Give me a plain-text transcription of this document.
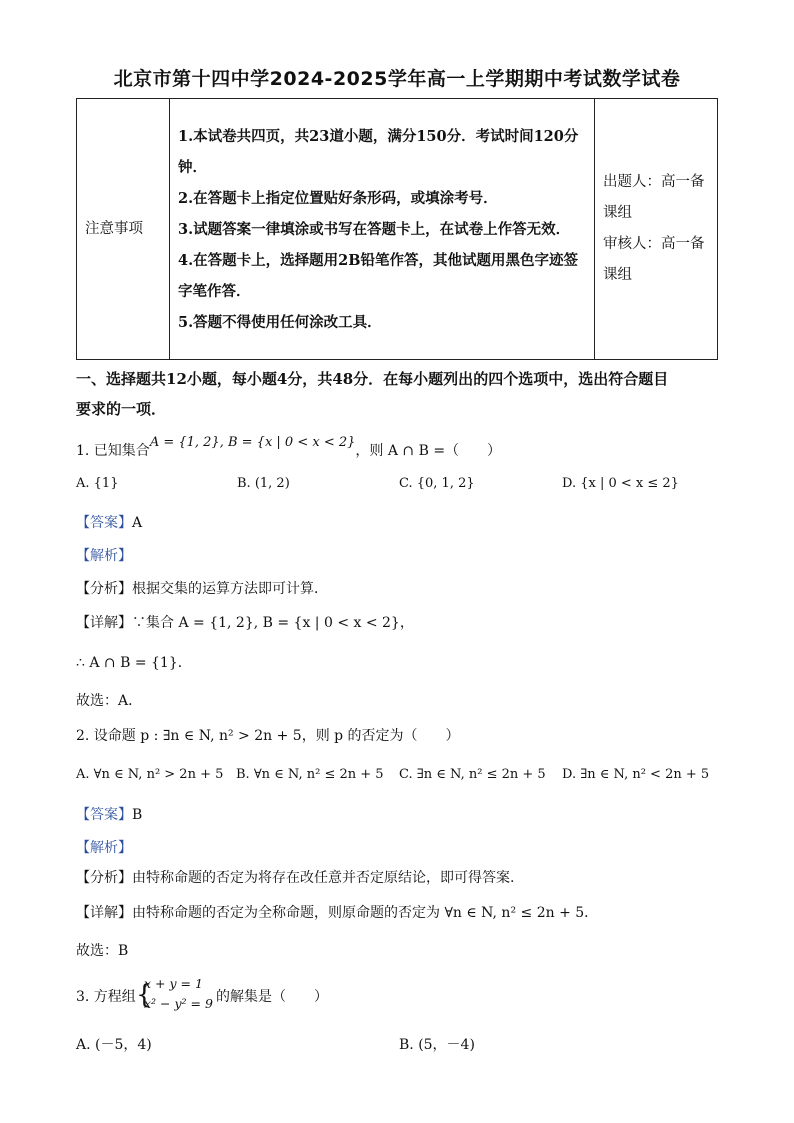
北京市第十四中学2024-2025学年高一上学期期中考试数学试卷
注意事项	
1.本试卷共四页，共23道小题，满分150分．考试时间120分钟．
2.在答题卡上指定位置贴好条形码，或填涂考号．
3.试题答案一律填涂或书写在答题卡上，在试卷上作答无效．
4.在答题卡上，选择题用2B铅笔作答，其他试题用黑色字迹签字笔作答．
5.答题不得使用任何涂改工具．

出题人：高一备课组
审核人：高一备课组
一、选择题共12小题，每小题4分，共48分．在每小题列出的四个选项中，选出符合题目
要求的一项．
1. 已知集合A = {1, 2}, B = {x | 0 < x < 2}，则 A ∩ B =（　　）
A. {1}	B. (1, 2)	C. {0, 1, 2}	D. {x | 0 < x ≤ 2}
【答案】A
【解析】
【分析】根据交集的运算方法即可计算．
【详解】∵集合 A = {1, 2}, B = {x | 0 < x < 2}，
∴ A ∩ B = {1}．
故选：A．
2. 设命题 p : ∃n ∈ N, n² > 2n + 5，则 p 的否定为（　　）
A. ∀n ∈ N, n² > 2n + 5 B. ∀n ∈ N, n² ≤ 2n + 5 C. ∃n ∈ N, n² ≤ 2n + 5 D. ∃n ∈ N, n² < 2n + 5
【答案】B
【解析】
【分析】由特称命题的否定为将存在改任意并否定原结论，即可得答案.
【详解】由特称命题的否定为全称命题，则原命题的否定为 ∀n ∈ N, n² ≤ 2n + 5．
故选：B
3. 方程组 {
x + y = 1
x² − y² = 9 的解集是（　　）
A. (－5，4)	B. (5，－4)
